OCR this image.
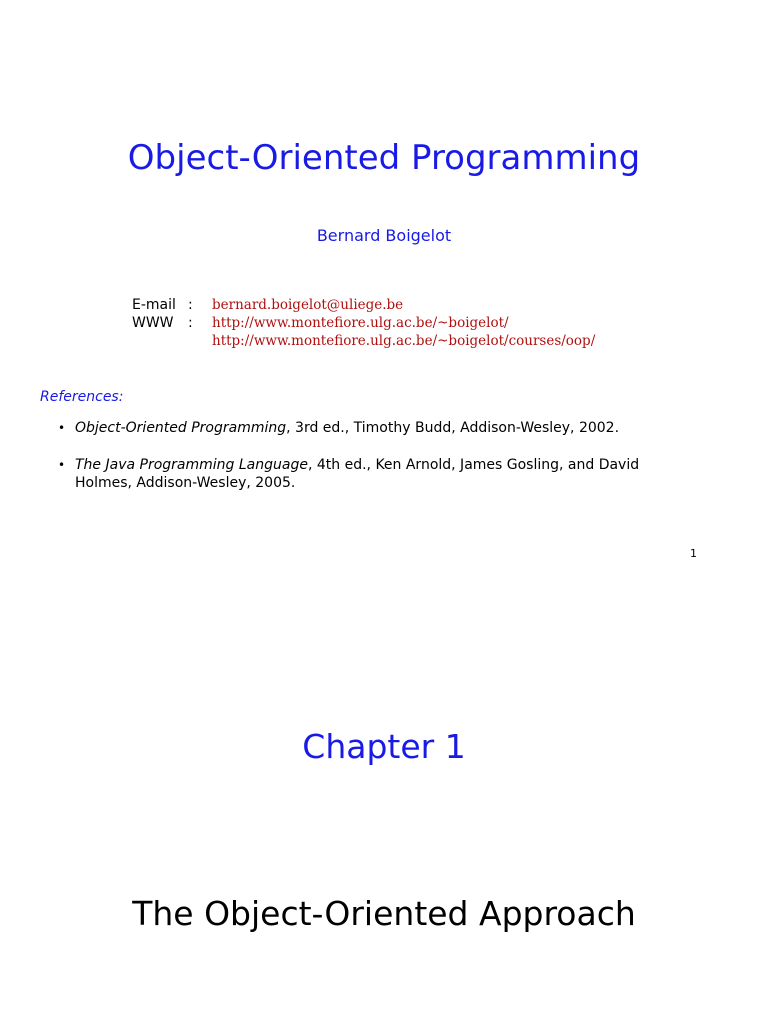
Object-Oriented Programming
Bernard Boigelot
E-mail : bernard.boigelot@uliege.be
WWW : http://www.montefiore.ulg.ac.be/~boigelot/
http://www.montefiore.ulg.ac.be/~boigelot/courses/oop/
References:
• Object-Oriented Programming, 3rd ed., Timothy Budd, Addison-Wesley, 2002.
• The Java Programming Language, 4th ed., Ken Arnold, James Gosling, and David Holmes, Addison-Wesley, 2005.
1
Chapter 1
The Object-Oriented Approach
